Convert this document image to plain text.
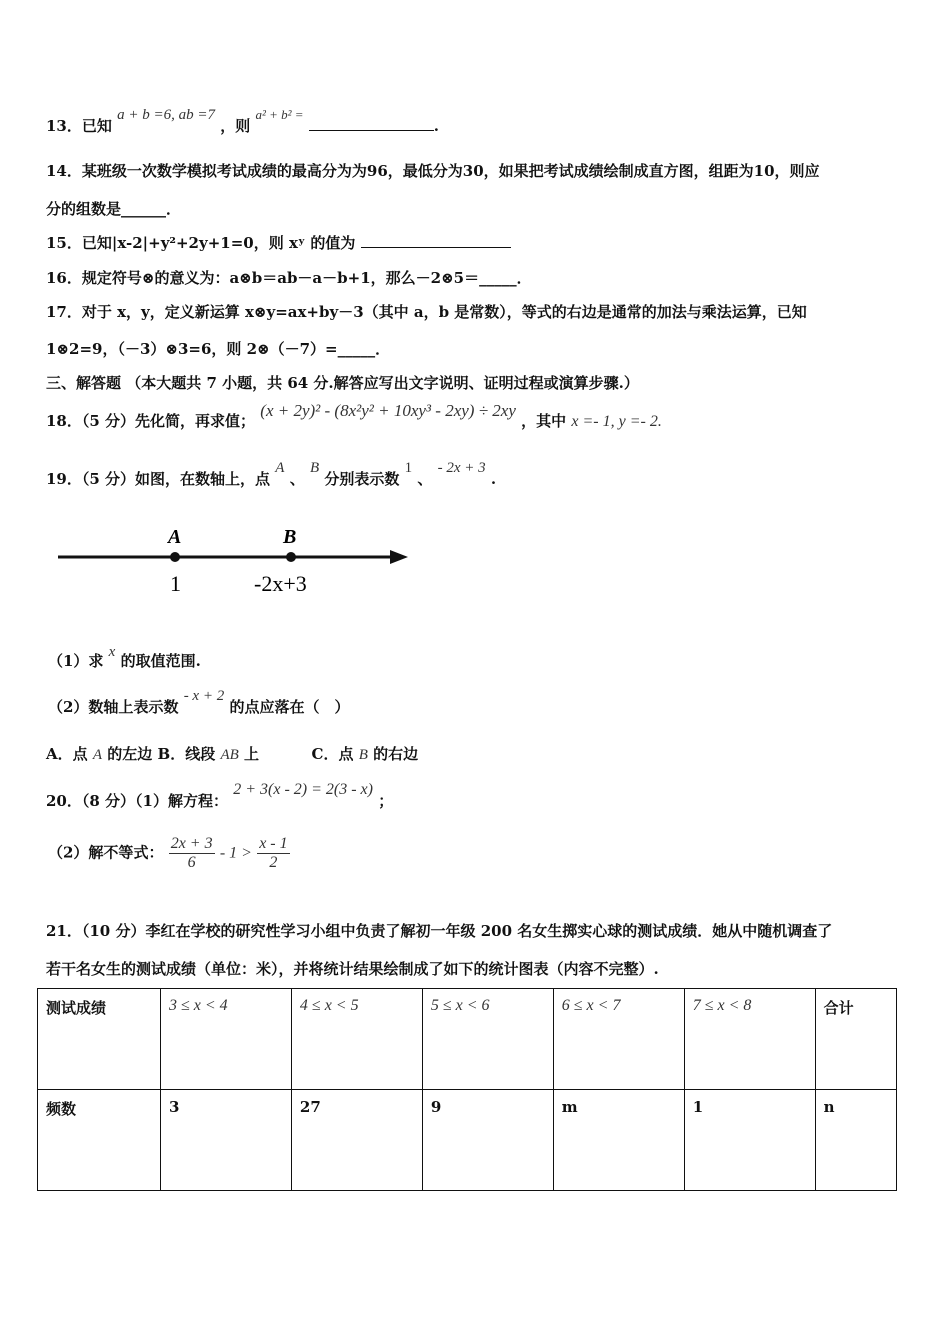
13．已知 a + b =6, ab =7 ，则 a² + b² = .
14．某班级一次数学模拟考试成绩的最高分为为96，最低分为30，如果把考试成绩绘制成直方图，组距为10，则应
分的组数是______．
15．已知|x-2|+y²+2y+1=0，则 xʸ 的值为
16．规定符号⊗的意义为：a⊗b＝ab－a－b+1，那么－2⊗5＝_____．
17．对于 x，y，定义新运算 x⊗y=ax+by－3（其中 a，b 是常数），等式的右边是通常的加法与乘法运算，已知
1⊗2=9，（－3）⊗3=6，则 2⊗（－7）=_____．
三、解答题 （本大题共 7 小题，共 64 分.解答应写出文字说明、证明过程或演算步骤.）
18．（5 分）先化简，再求值； (x + 2y)² - (8x²y² + 10xy³ - 2xy) ÷ 2xy ，其中 x =- 1, y =- 2.
19．（5 分）如图，在数轴上，点 A 、 B 分别表示数 1 、 - 2x + 3 .
A	B
1	-2x+3
（1）求 x 的取值范围.
（2）数轴上表示数 - x + 2 的点应落在（　）
A．点 A 的左边 B．线段 AB 上	C．点 B 的右边
20．（8 分）（1）解方程： 2 + 3(x - 2) = 2(3 - x) ；
（2）解不等式： $\frac{2x + 3}{6} - 1 > \frac{x - 1}{2}$
21．（10 分）李红在学校的研究性学习小组中负责了解初一年级 200 名女生掷实心球的测试成绩．她从中随机调查了
若干名女生的测试成绩（单位：米），并将统计结果绘制成了如下的统计图表（内容不完整）.
测试成绩	3 ≤ x < 4	4 ≤ x < 5	5 ≤ x < 6	6 ≤ x < 7	7 ≤ x < 8	合计
频数	3	27	9	m	1	n
